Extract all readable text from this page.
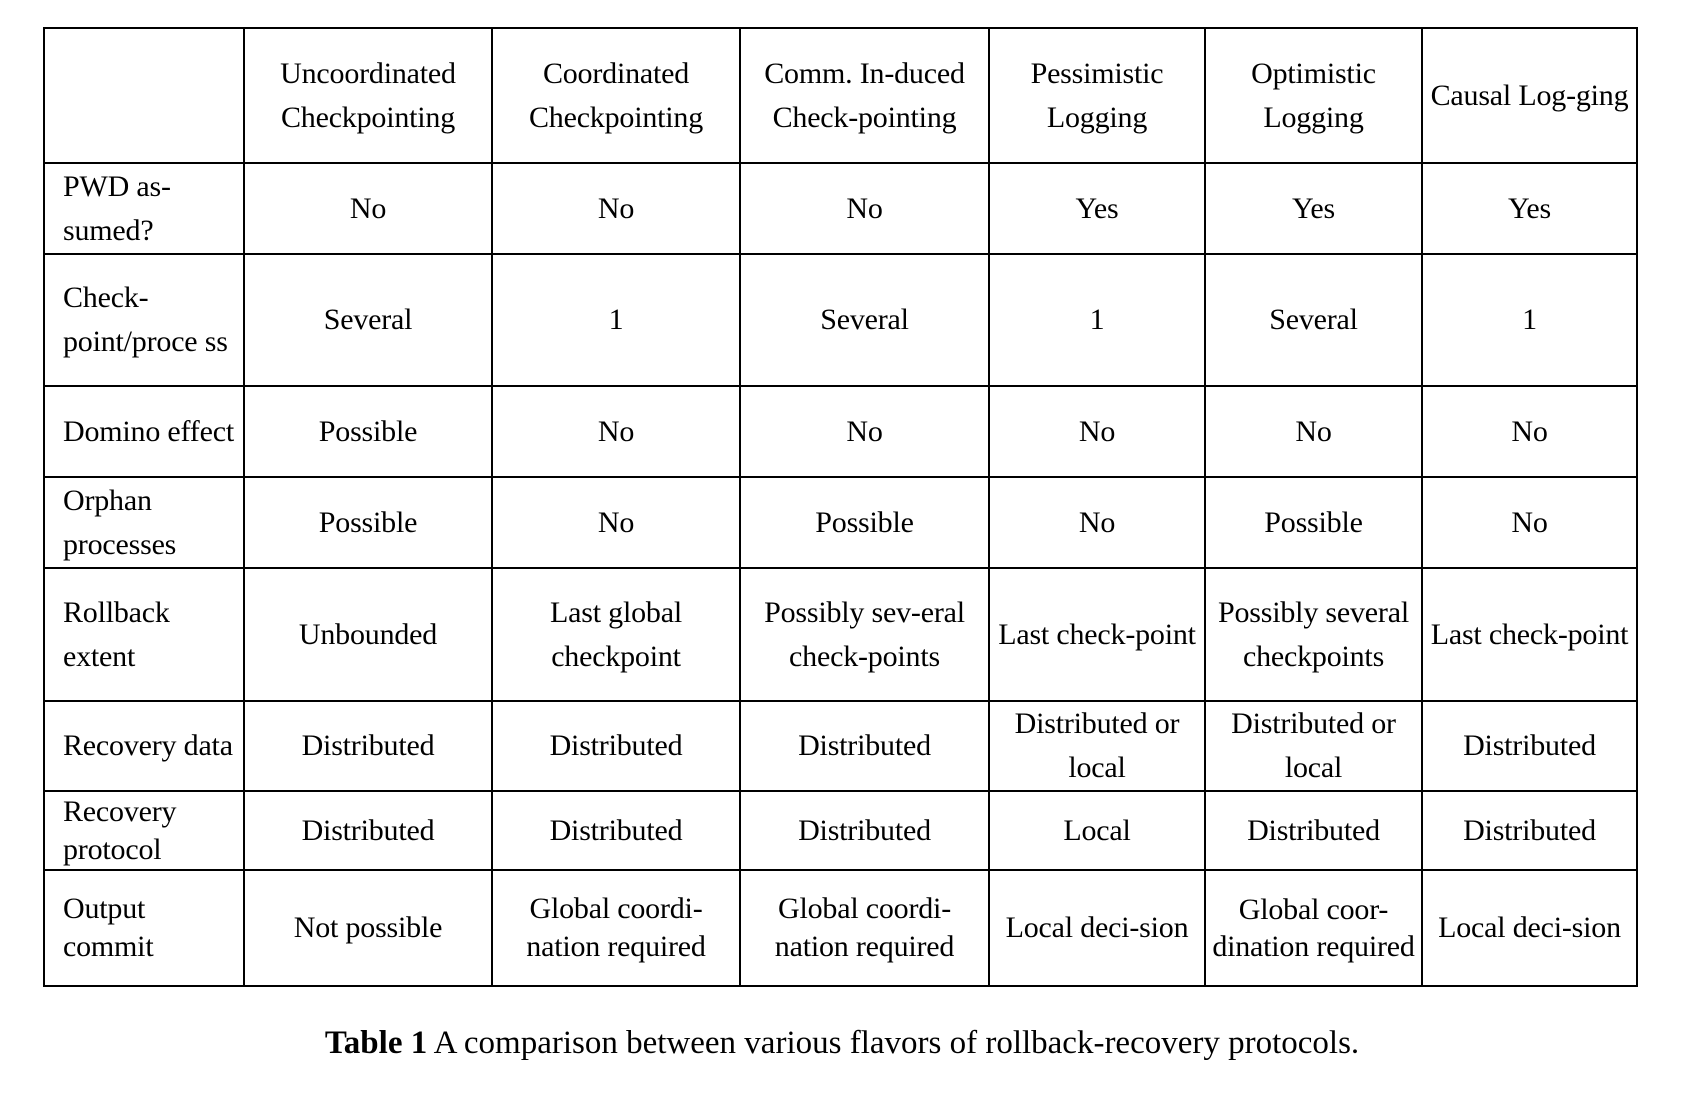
	Uncoordinated Checkpointing	Coordinated Checkpointing	Comm. In-duced Check-pointing	Pessimistic Logging	Optimistic Logging	Causal Log-ging
PWD as-sumed?	No	No	No	Yes	Yes	Yes
Check-point/proce ss	Several	1	Several	1	Several	1
Domino effect	Possible	No	No	No	No	No
Orphan processes	Possible	No	Possible	No	Possible	No
Rollback extent	Unbounded	Last global checkpoint	Possibly sev-eral check-points	Last check-point	Possibly several checkpoints	Last check-point
Recovery data	Distributed	Distributed	Distributed	Distributed or local	Distributed or local	Distributed
Recovery protocol	Distributed	Distributed	Distributed	Local	Distributed	Distributed
Output commit	Not possible	Global coordi-nation required	Global coordi-nation required	Local deci-sion	Global coor-dination required	Local deci-sion
Table 1 A comparison between various flavors of rollback-recovery protocols.
